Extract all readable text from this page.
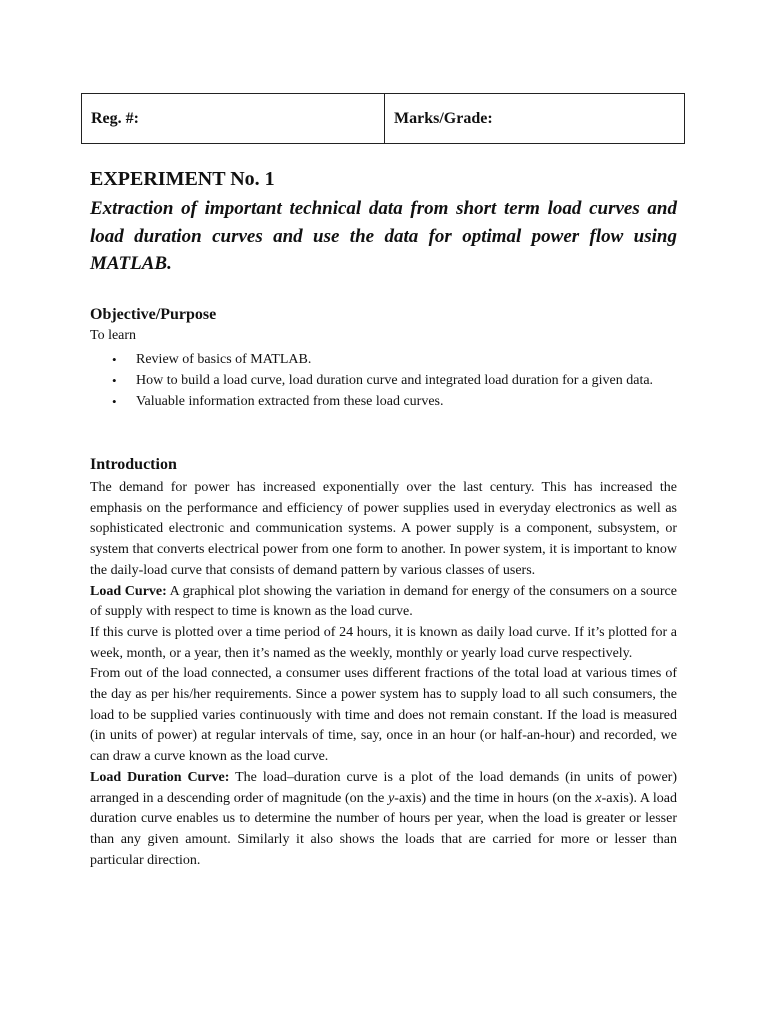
Reg. #:	Marks/Grade:
EXPERIMENT No. 1
Extraction of important technical data from short term load curves and load duration curves and use the data for optimal power flow using MATLAB.
Objective/Purpose
To learn
• Review of basics of MATLAB.
• How to build a load curve, load duration curve and integrated load duration for a given data.
• Valuable information extracted from these load curves.
Introduction

The demand for power has increased exponentially over the last century. This has increased the emphasis on the performance and efficiency of power supplies used in everyday electronics as well as sophisticated electronic and communication systems. A power supply is a component, subsystem, or system that converts electrical power from one form to another. In power system, it is important to know the daily-load curve that consists of demand pattern by various classes of users.

Load Curve: A graphical plot showing the variation in demand for energy of the consumers on a source of supply with respect to time is known as the load curve.

If this curve is plotted over a time period of 24 hours, it is known as daily load curve. If it’s plotted for a week, month, or a year, then it’s named as the weekly, monthly or yearly load curve respectively.

From out of the load connected, a consumer uses different fractions of the total load at various times of the day as per his/her requirements. Since a power system has to supply load to all such consumers, the load to be supplied varies continuously with time and does not remain constant. If the load is measured (in units of power) at regular intervals of time, say, once in an hour (or half-an-hour) and recorded, we can draw a curve known as the load curve.

Load Duration Curve: The load–duration curve is a plot of the load demands (in units of power) arranged in a descending order of magnitude (on the y-axis) and the time in hours (on the x-axis). A load duration curve enables us to determine the number of hours per year, when the load is greater or lesser than any given amount. Similarly it also shows the loads that are carried for more or lesser than particular direction.
